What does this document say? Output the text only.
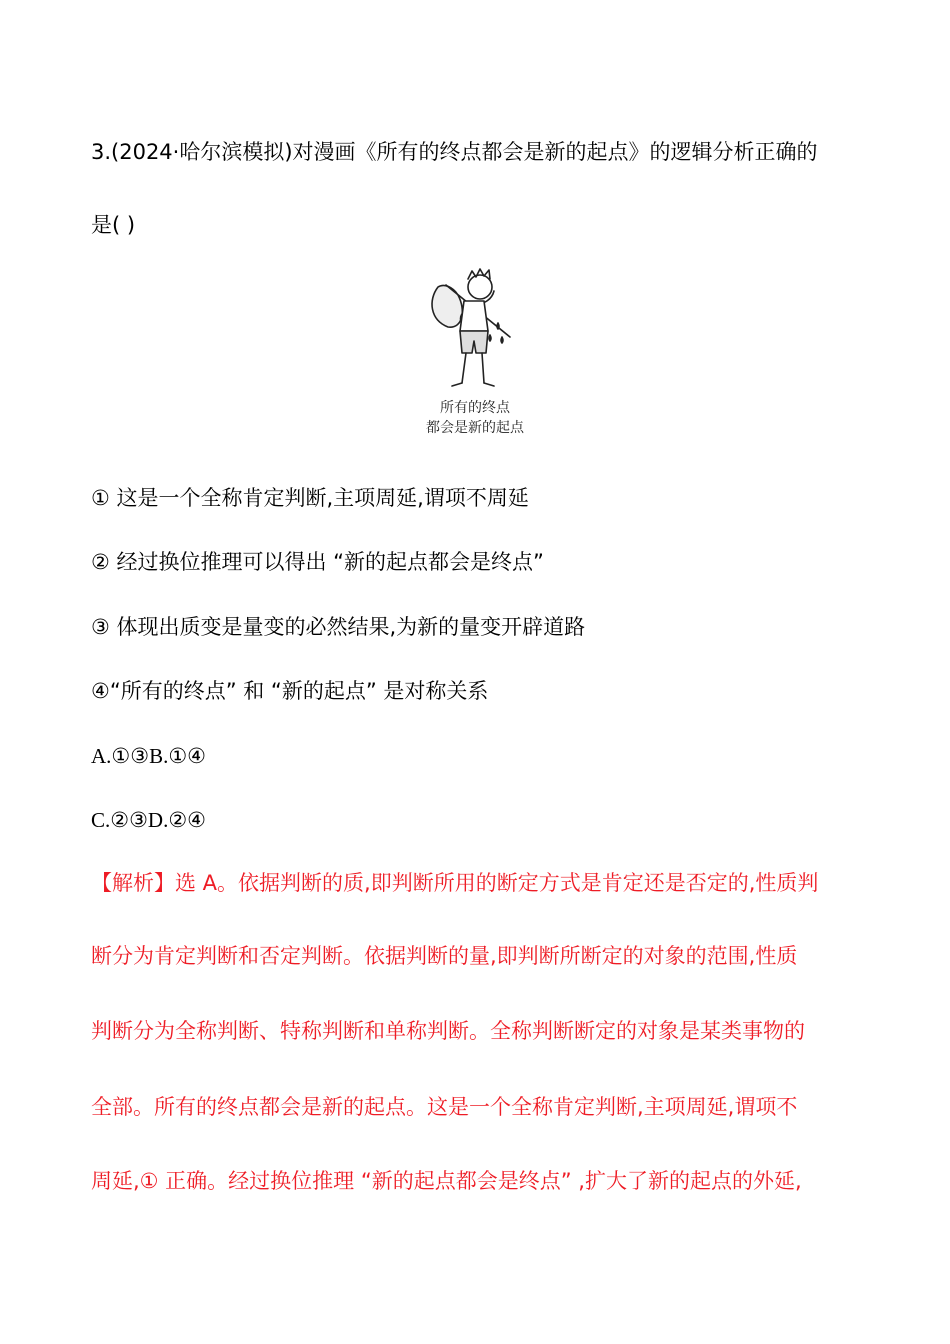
3.(2024·哈尔滨模拟)对漫画《所有的终点都会是新的起点》的逻辑分析正确的
是( )
所有的终点
都会是新的起点
① 这是一个全称肯定判断,主项周延,谓项不周延
② 经过换位推理可以得出 “新的起点都会是终点”
③ 体现出质变是量变的必然结果,为新的量变开辟道路
④“所有的终点” 和 “新的起点” 是对称关系
A.①③B.①④
C.②③D.②④
【解析】选 A。依据判断的质,即判断所用的断定方式是肯定还是否定的,性质判
断分为肯定判断和否定判断。依据判断的量,即判断所断定的对象的范围,性质
判断分为全称判断、特称判断和单称判断。全称判断断定的对象是某类事物的
全部。所有的终点都会是新的起点。这是一个全称肯定判断,主项周延,谓项不
周延,① 正确。经过换位推理 “新的起点都会是终点” ,扩大了新的起点的外延,
